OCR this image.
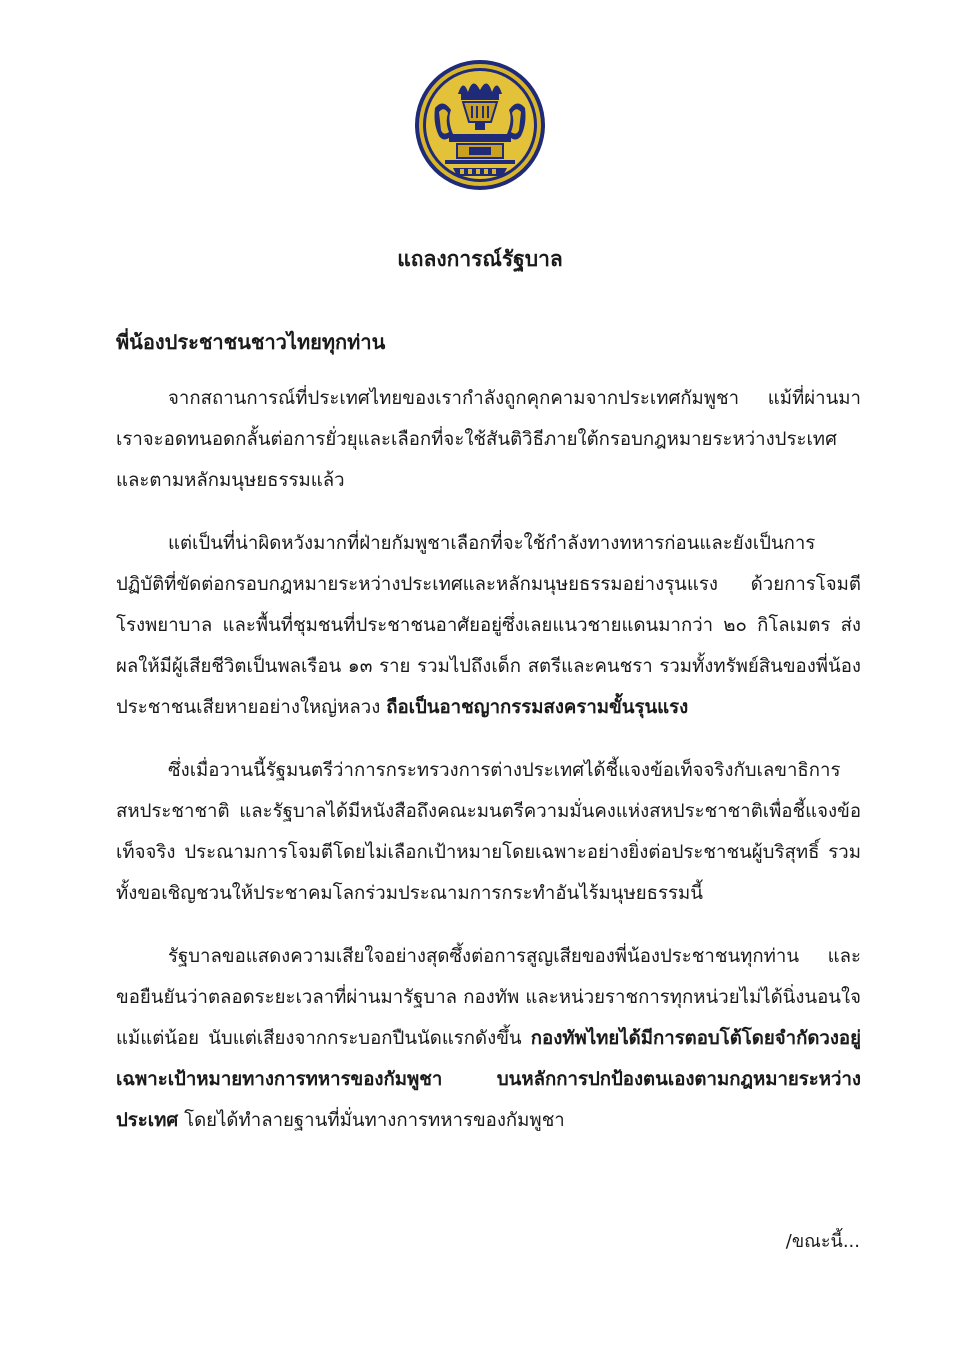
แถลงการณ์รัฐบาล
พี่น้องประชาชนชาวไทยทุกท่าน

จากสถานการณ์ที่ประเทศไทยของเรากำลังถูกคุกคามจากประเทศกัมพูชา แม้ที่ผ่านมาเราจะอดทนอดกลั้นต่อการยั่วยุและเลือกที่จะใช้สันติวิธีภายใต้กรอบกฎหมายระหว่างประเทศและตามหลักมนุษยธรรมแล้ว

แต่เป็นที่น่าผิดหวังมากที่ฝ่ายกัมพูชาเลือกที่จะใช้กำลังทางทหารก่อนและยังเป็นการปฏิบัติที่ขัดต่อกรอบกฎหมายระหว่างประเทศและหลักมนุษยธรรมอย่างรุนแรง ด้วยการโจมตีโรงพยาบาล และพื้นที่ชุมชนที่ประชาชนอาศัยอยู่ซึ่งเลยแนวชายแดนมากว่า ๒๐ กิโลเมตร ส่งผลให้มีผู้เสียชีวิตเป็นพลเรือน ๑๓ ราย รวมไปถึงเด็ก สตรีและคนชรา รวมทั้งทรัพย์สินของพี่น้องประชาชนเสียหายอย่างใหญ่หลวง ถือเป็นอาชญากรรมสงครามขั้นรุนแรง

ซึ่งเมื่อวานนี้รัฐมนตรีว่าการกระทรวงการต่างประเทศได้ชี้แจงข้อเท็จจริงกับเลขาธิการสหประชาชาติ และรัฐบาลได้มีหนังสือถึงคณะมนตรีความมั่นคงแห่งสหประชาชาติเพื่อชี้แจงข้อเท็จจริง ประณามการโจมตีโดยไม่เลือกเป้าหมายโดยเฉพาะอย่างยิ่งต่อประชาชนผู้บริสุทธิ์ รวมทั้งขอเชิญชวนให้ประชาคมโลกร่วมประณามการกระทำอันไร้มนุษยธรรมนี้

รัฐบาลขอแสดงความเสียใจอย่างสุดซึ้งต่อการสูญเสียของพี่น้องประชาชนทุกท่าน และขอยืนยันว่าตลอดระยะเวลาที่ผ่านมารัฐบาล กองทัพ และหน่วยราชการทุกหน่วยไม่ได้นิ่งนอนใจแม้แต่น้อย นับแต่เสียงจากกระบอกปืนนัดแรกดังขึ้น กองทัพไทยได้มีการตอบโต้โดยจำกัดวงอยู่เฉพาะเป้าหมายทางการทหารของกัมพูชา บนหลักการปกป้องตนเองตามกฎหมายระหว่างประเทศ โดยได้ทำลายฐานที่มั่นทางการทหารของกัมพูชา

/ขณะนี้...
